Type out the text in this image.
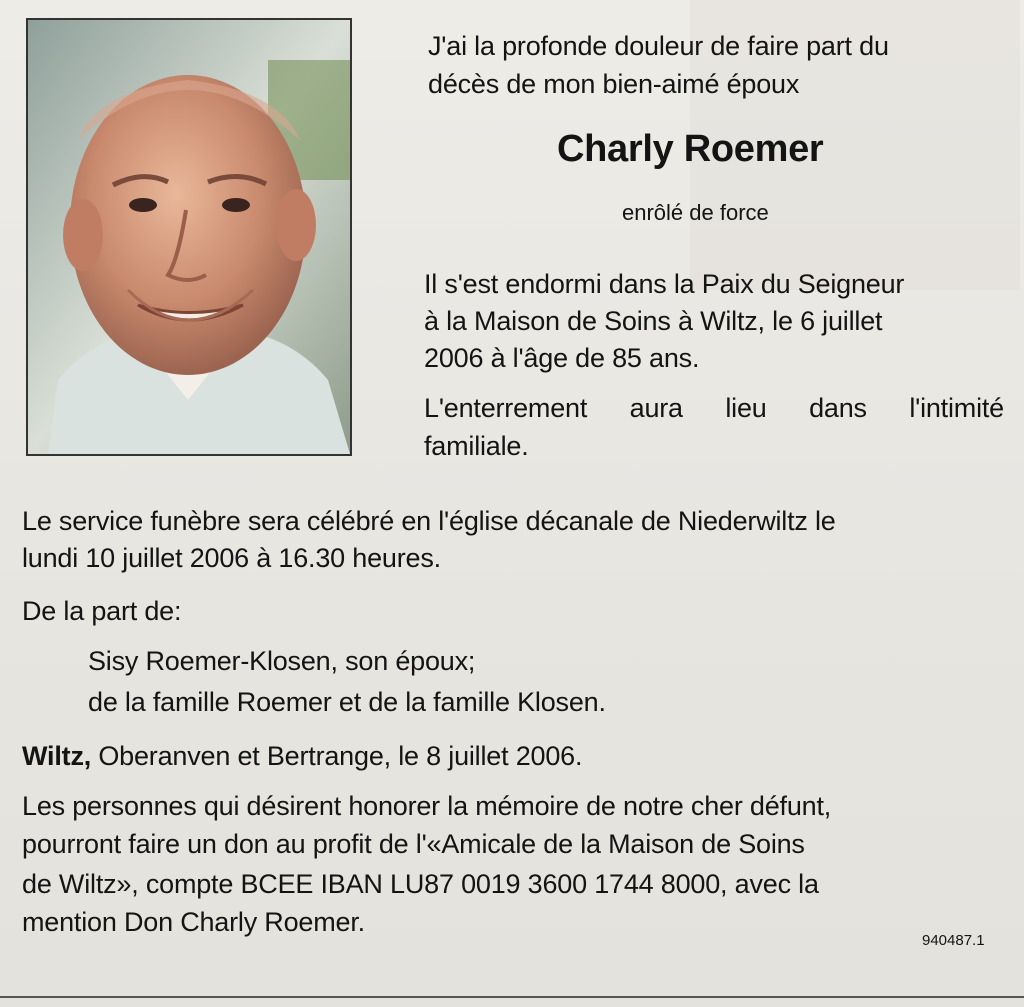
J'ai la profonde douleur de faire part du
décès de mon bien-aimé époux
Charly Roemer
enrôlé de force
Il s'est endormi dans la Paix du Seigneur
à la Maison de Soins à Wiltz, le 6 juillet
2006 à l'âge de 85 ans.
L'enterrement aura lieu dans l'intimité
familiale.
Le service funèbre sera célébré en l'église décanale de Niederwiltz le
lundi 10 juillet 2006 à 16.30 heures.
De la part de:
Sisy Roemer-Klosen, son époux;
de la famille Roemer et de la famille Klosen.
Wiltz, Oberanven et Bertrange, le 8 juillet 2006.
Les personnes qui désirent honorer la mémoire de notre cher défunt,
pourront faire un don au profit de l'«Amicale de la Maison de Soins
de Wiltz», compte BCEE IBAN LU87 0019 3600 1744 8000, avec la
mention Don Charly Roemer.
940487.1
